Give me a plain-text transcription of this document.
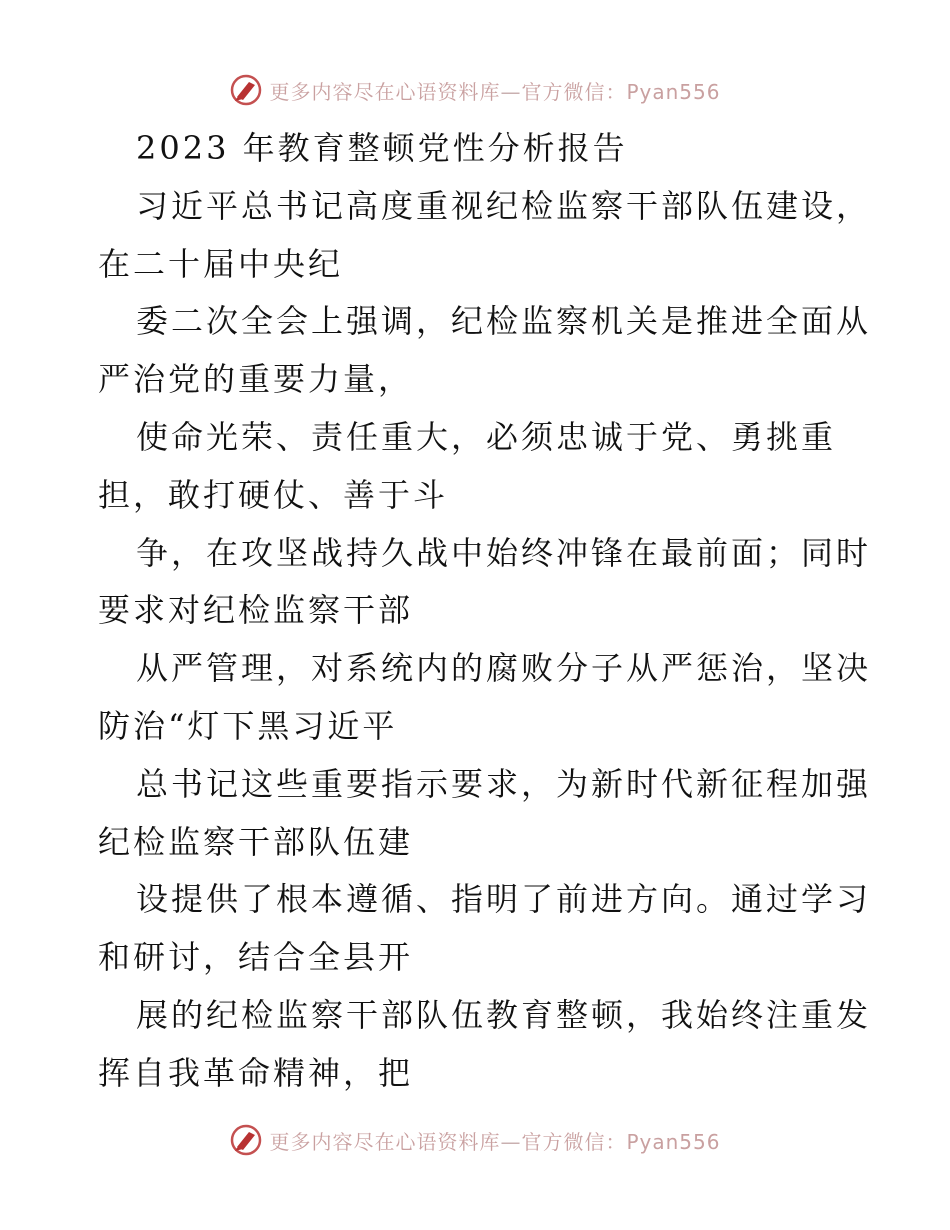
更多内容尽在心语资料库—官方微信：Pyan556
2023 年教育整顿党性分析报告
习近平总书记高度重视纪检监察干部队伍建设，
在二十届中央纪
委二次全会上强调，纪检监察机关是推进全面从
严治党的重要力量，
使命光荣、责任重大，必须忠诚于党、勇挑重
担，敢打硬仗、善于斗
争，在攻坚战持久战中始终冲锋在最前面；同时
要求对纪检监察干部
从严管理，对系统内的腐败分子从严惩治，坚决
防治“灯下黑习近平
总书记这些重要指示要求，为新时代新征程加强
纪检监察干部队伍建
设提供了根本遵循、指明了前进方向。通过学习
和研讨，结合全县开
展的纪检监察干部队伍教育整顿，我始终注重发
挥自我革命精神，把
更多内容尽在心语资料库—官方微信：Pyan556
